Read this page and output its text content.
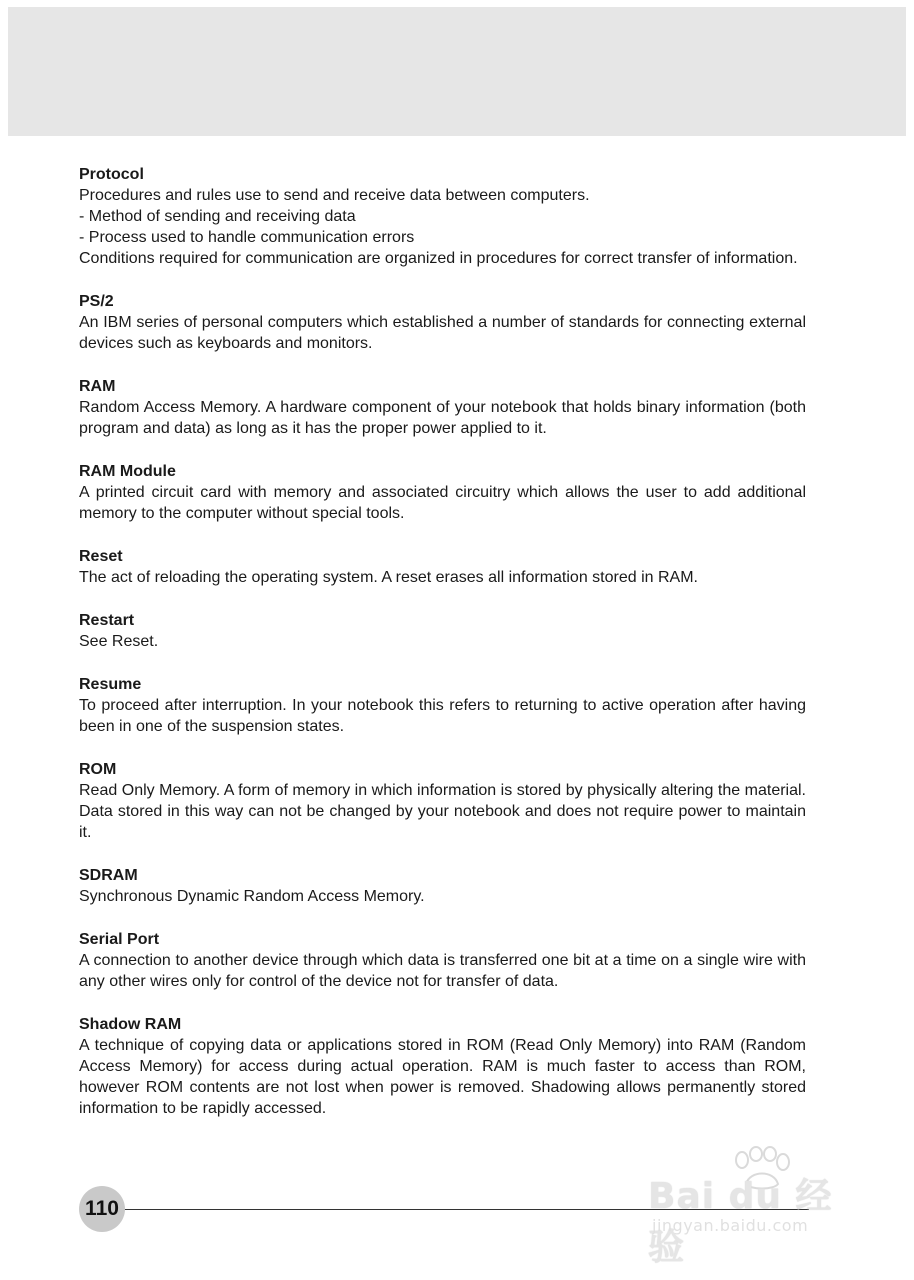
Protocol

Procedures and rules use to send and receive data between computers.
- Method of sending and receiving data
- Process used to handle communication errors
Conditions required for communication are organized in procedures for correct transfer of information.

PS/2

An IBM series of personal computers which established a number of standards for connecting external devices such as keyboards and monitors.

RAM

Random Access Memory. A hardware component of your notebook that holds binary information (both program and data) as long as it has the proper power applied to it.

RAM Module

A printed circuit card with memory and associated circuitry which allows the user to add additional memory to the computer without special tools.

Reset

The act of reloading the operating system. A reset erases all information stored in RAM.

Restart

See Reset.

Resume

To proceed after interruption. In your notebook this refers to returning to active operation after having been in one of the suspension states.

ROM

Read Only Memory. A form of memory in which information is stored by physically altering the material. Data stored in this way can not be changed by your notebook and does not require power to maintain it.

SDRAM

Synchronous Dynamic Random Access Memory.

Serial Port

A connection to another device through which data is transferred one bit at a time on a single wire with any other wires only for control of the device not for transfer of data.

Shadow RAM

A technique of copying data or applications stored in ROM (Read Only Memory) into RAM (Random Access Memory) for access during actual operation. RAM is much faster to access than ROM, however ROM contents are not lost when power is removed. Shadowing allows permanently stored information to be rapidly accessed.

110	Bai du 经验
jingyan.baidu.com
